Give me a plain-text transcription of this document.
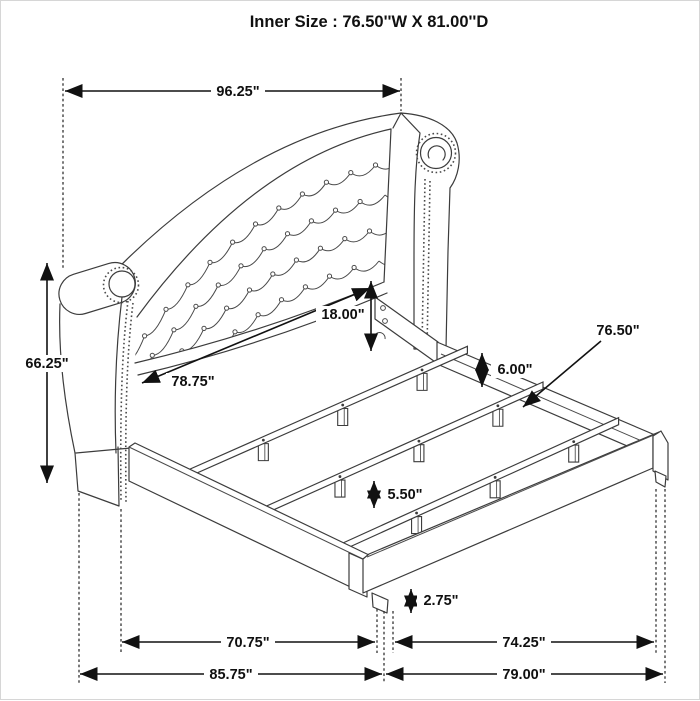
96.25"
66.25"
78.75"
18.00"
6.00"
76.50"
5.50"
2.75"
70.75"	74.25"
85.75"	79.00"
Inner Size : 76.50''W X 81.00''D
